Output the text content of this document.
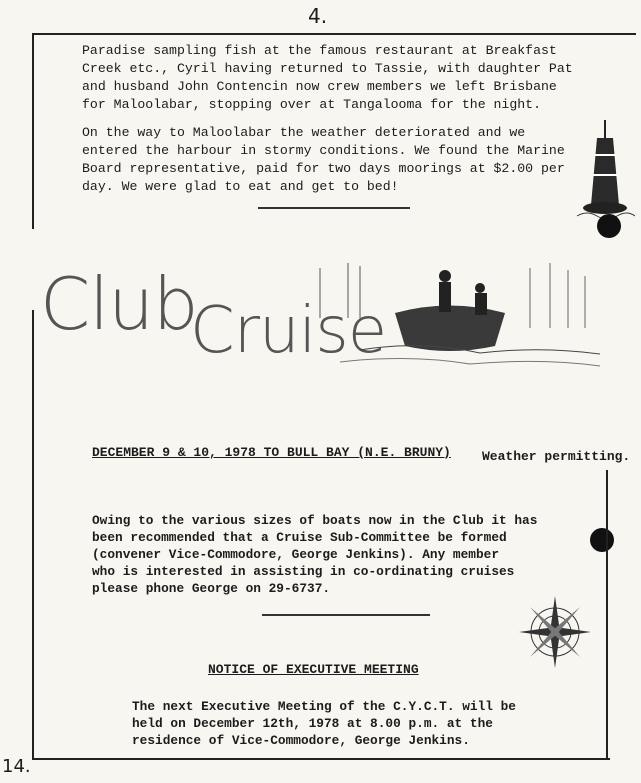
4.

Paradise sampling fish at the famous restaurant at Breakfast
Creek etc., Cyril having returned to Tassie, with daughter Pat
and husband John Contencin now crew members we left Brisbane
for Maloolabar, stopping over at Tangalooma for the night.

On the way to Maloolabar the weather deteriorated and we
entered the harbour in stormy conditions. We found the Marine
Board representative, paid for two days moorings at $2.00 per
day. We were glad to eat and get to bed!

Club
Cruise
DECEMBER 9 & 10, 1978 TO BULL BAY (N.E. BRUNY) Weather permitting.

Owing to the various sizes of boats now in the Club it has
been recommended that a Cruise Sub-Committee be formed
(convener Vice-Commodore, George Jenkins). Any member
who is interested in assisting in co-ordinating cruises
please phone George on 29-6737.

NOTICE OF EXECUTIVE MEETING

The next Executive Meeting of the C.Y.C.T. will be
held on December 12th, 1978 at 8.00 p.m. at the
residence of Vice-Commodore, George Jenkins.

14.
